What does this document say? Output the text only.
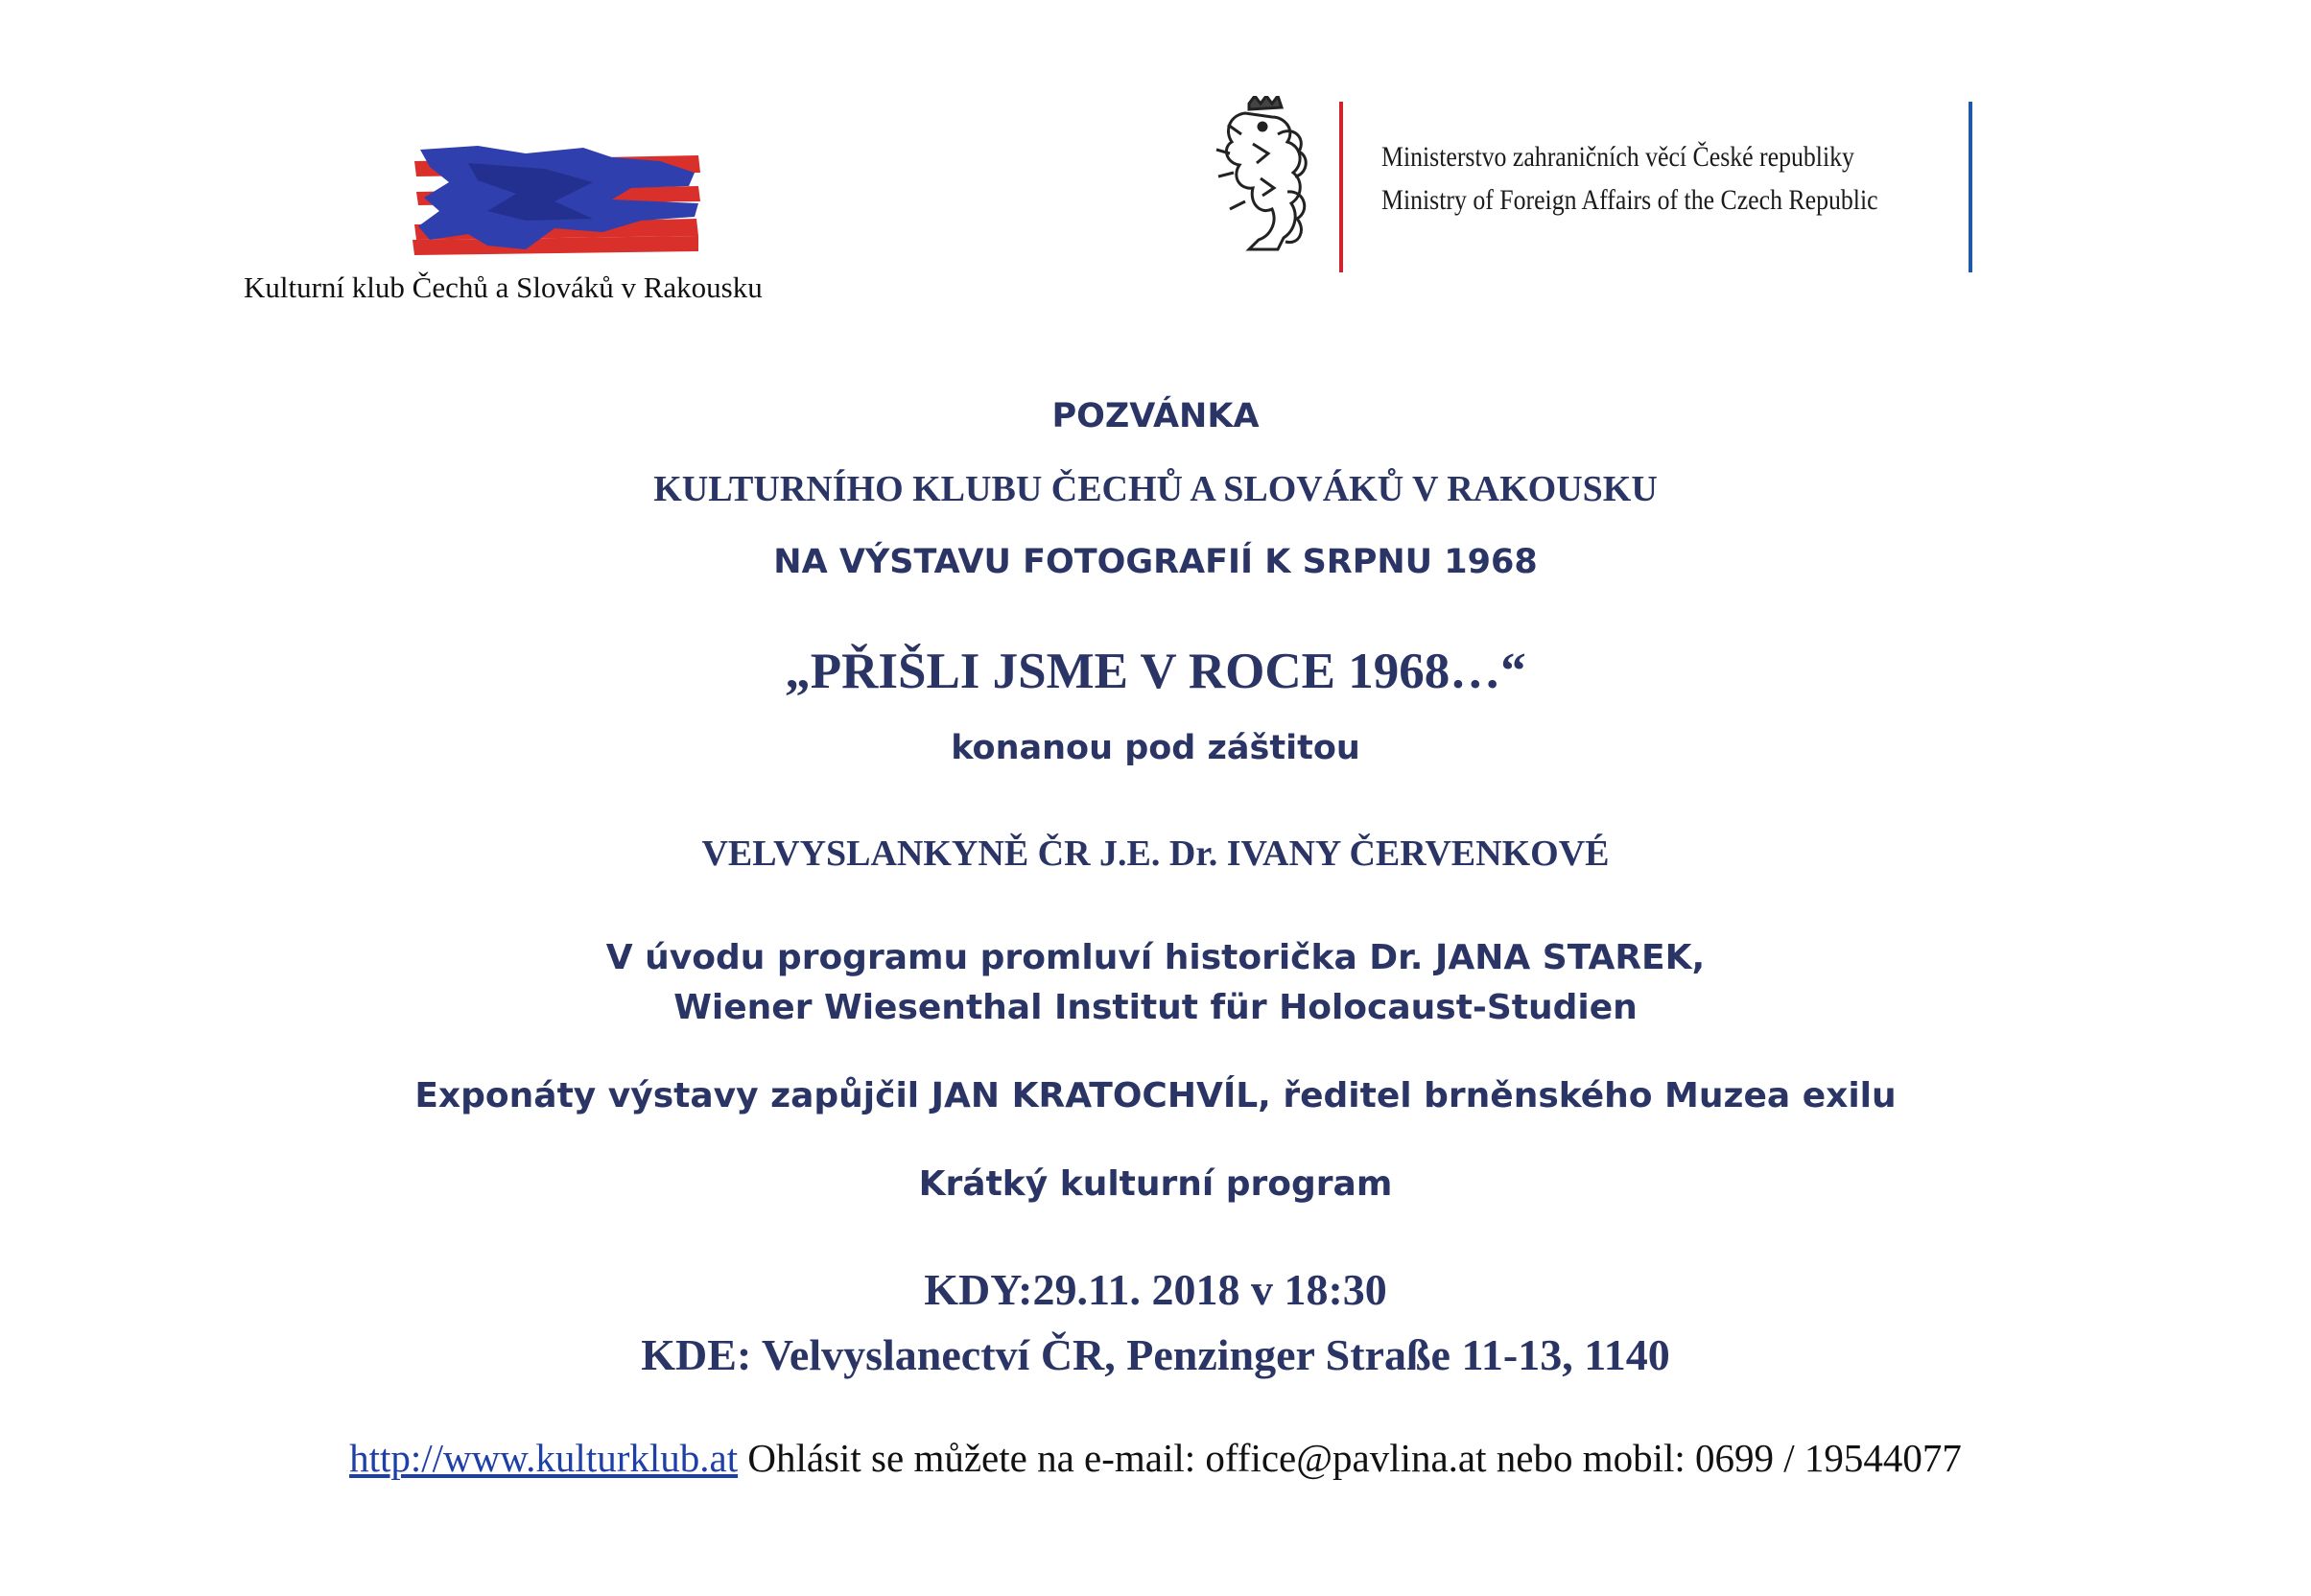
Kulturní klub Čechů a Slováků v Rakousku
Ministerstvo zahraničních věcí České republiky
Ministry of Foreign Affairs of the Czech Republic
POZVÁNKA
KULTURNÍHO KLUBU ČECHŮ A SLOVÁKŮ V RAKOUSKU
NA VÝSTAVU FOTOGRAFIÍ K SRPNU 1968
„PŘIŠLI JSME V ROCE 1968…“
konanou pod záštitou
VELVYSLANKYNĚ ČR J.E. Dr. IVANY ČERVENKOVÉ
V úvodu programu promluví historička Dr. JANA STAREK,
Wiener Wiesenthal Institut für Holocaust-Studien
Exponáty výstavy zapůjčil JAN KRATOCHVÍL, ředitel brněnského Muzea exilu
Krátký kulturní program
KDY:29.11. 2018 v 18:30
KDE: Velvyslanectví ČR, Penzinger Straße 11-13, 1140
http://www.kulturklub.at Ohlásit se můžete na e-mail: office@pavlina.at nebo mobil: 0699 / 19544077
